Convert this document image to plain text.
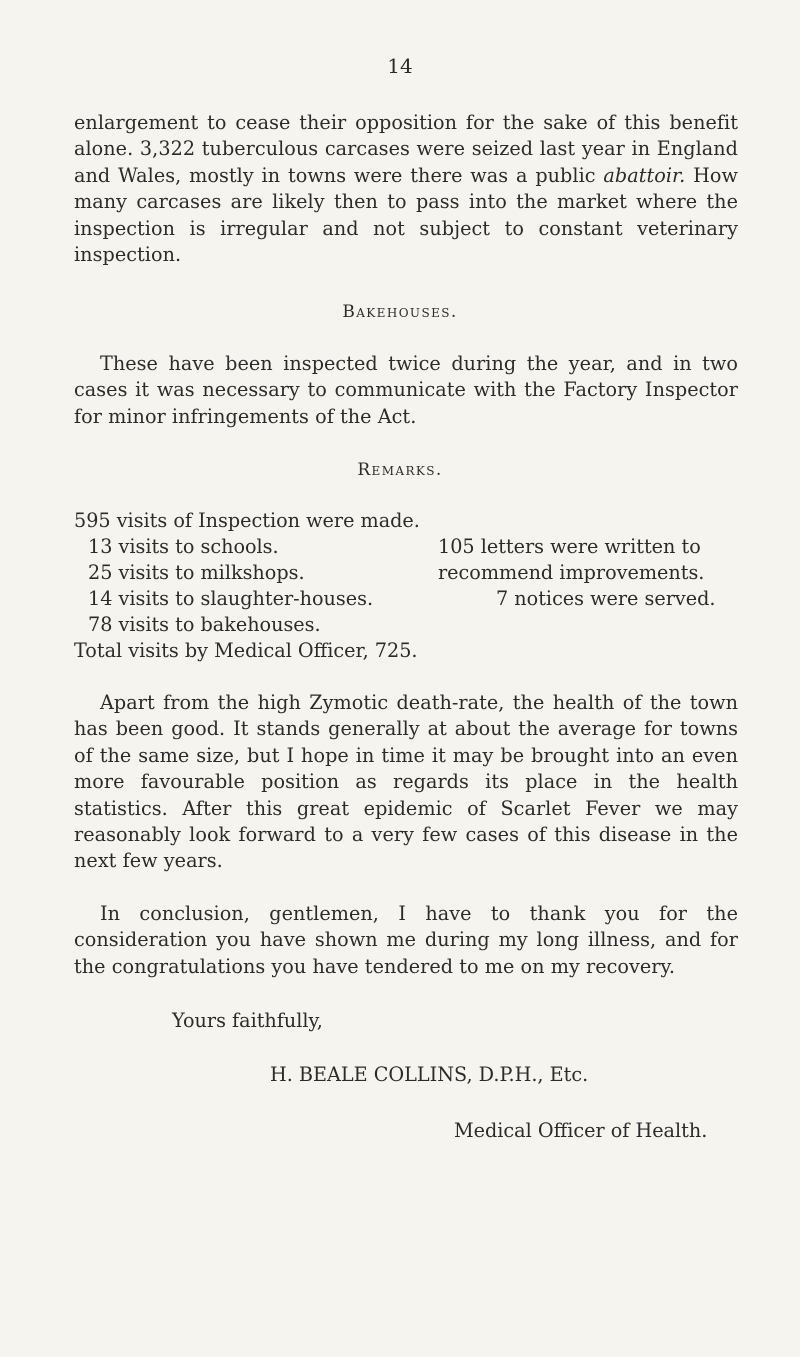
14

enlargement to cease their opposition for the sake of this benefit alone. 3,322 tuberculous carcases were seized last year in England and Wales, mostly in towns were there was a public abattoir. How many carcases are likely then to pass into the market where the inspection is irregular and not subject to constant veterinary inspection.

Bakehouses.

These have been inspected twice during the year, and in two cases it was necessary to communicate with the Factory Inspector for minor infringements of the Act.

Remarks.
595 visits of Inspection were made.
13 visits to schools.
25 visits to milkshops.
14 visits to slaughter-houses.
78 visits to bakehouses.
Total visits by Medical Officer, 725.
105 letters were written to
recommend improvements.
7 notices were served.

Apart from the high Zymotic death-rate, the health of the town has been good. It stands generally at about the average for towns of the same size, but I hope in time it may be brought into an even more favourable position as regards its place in the health statistics. After this great epidemic of Scarlet Fever we may reasonably look forward to a very few cases of this disease in the next few years.

In conclusion, gentlemen, I have to thank you for the consideration you have shown me during my long illness, and for the congratulations you have tendered to me on my recovery.

Yours faithfully,
H. BEALE COLLINS, D.P.H., Etc.
Medical Officer of Health.
